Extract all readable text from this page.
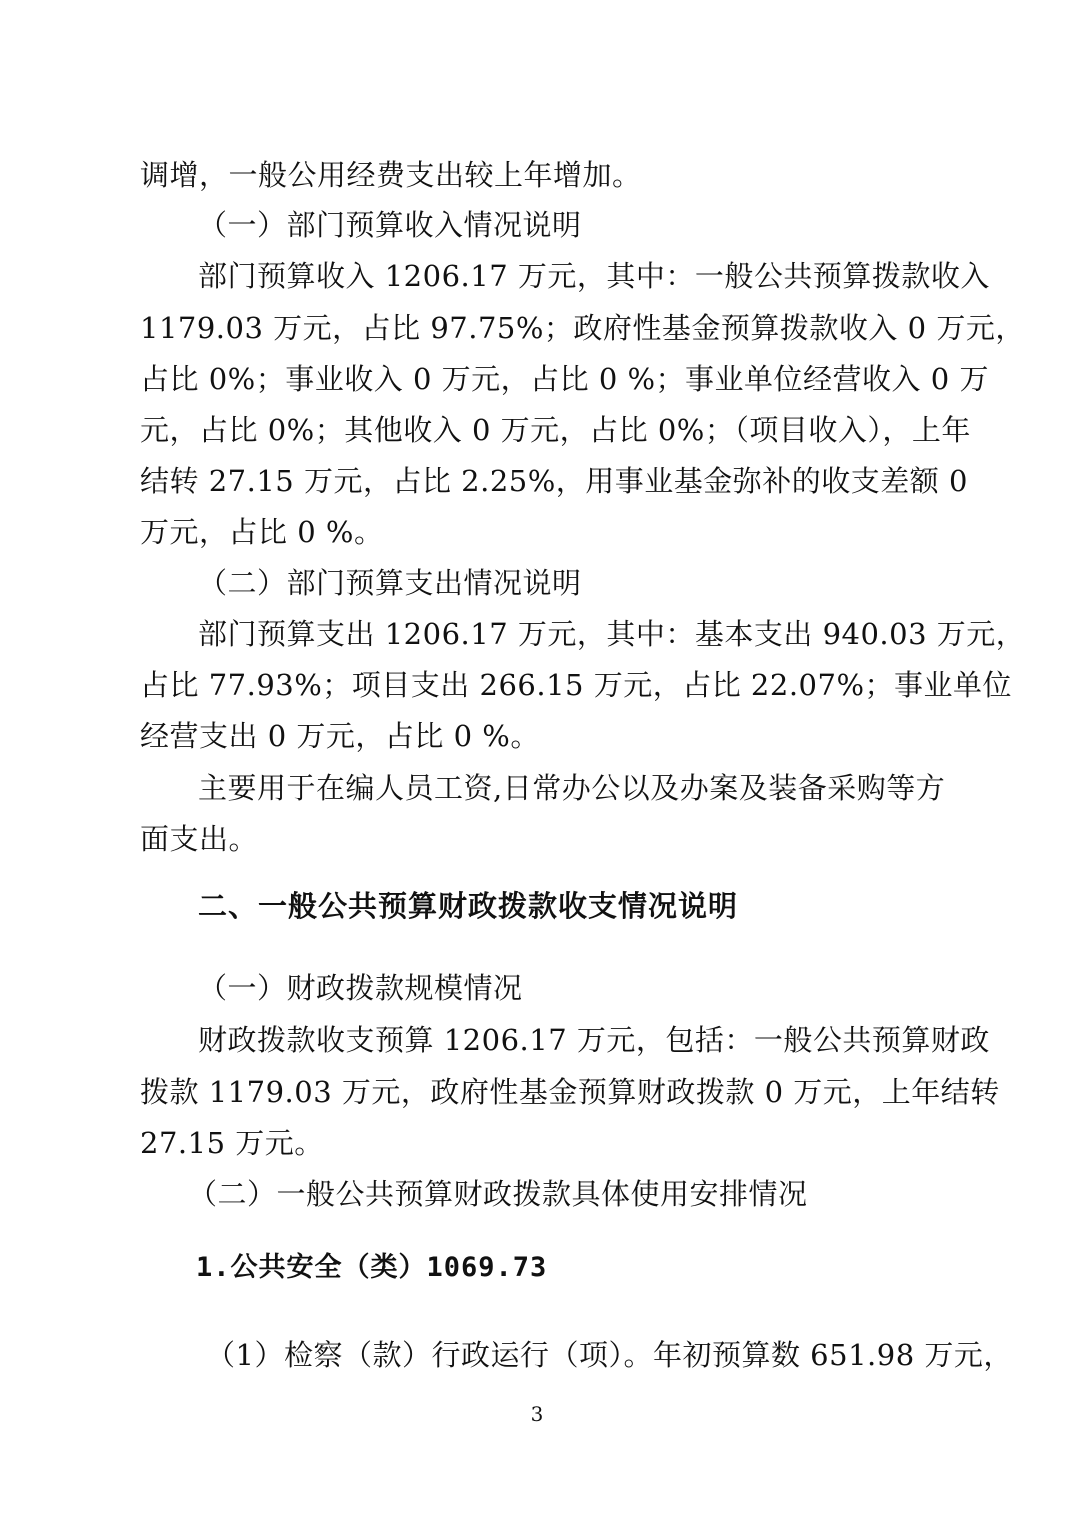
调增，一般公用经费支出较上年增加。
（一）部门预算收入情况说明
部门预算收入 1206.17 万元，其中：一般公共预算拨款收入
1179.03 万元，占比 97.75%；政府性基金预算拨款收入 0 万元，
占比 0%；事业收入 0 万元，占比 0 %；事业单位经营收入 0 万
元，占比 0%；其他收入 0 万元，占比 0%；（项目收入），上年
结转 27.15 万元，占比 2.25%，用事业基金弥补的收支差额 0
万元，占比 0 %。
（二）部门预算支出情况说明
部门预算支出 1206.17 万元，其中：基本支出 940.03 万元，
占比 77.93%；项目支出 266.15 万元，占比 22.07%；事业单位
经营支出 0 万元，占比 0 %。
主要用于在编人员工资,日常办公以及办案及装备采购等方
面支出。
二、一般公共预算财政拨款收支情况说明
（一）财政拨款规模情况
财政拨款收支预算 1206.17 万元，包括：一般公共预算财政
拨款 1179.03 万元，政府性基金预算财政拨款 0 万元，上年结转
27.15 万元。
（二）一般公共预算财政拨款具体使用安排情况
1.公共安全（类）1069.73
（1）检察（款）行政运行（项）。年初预算数 651.98 万元，
3
